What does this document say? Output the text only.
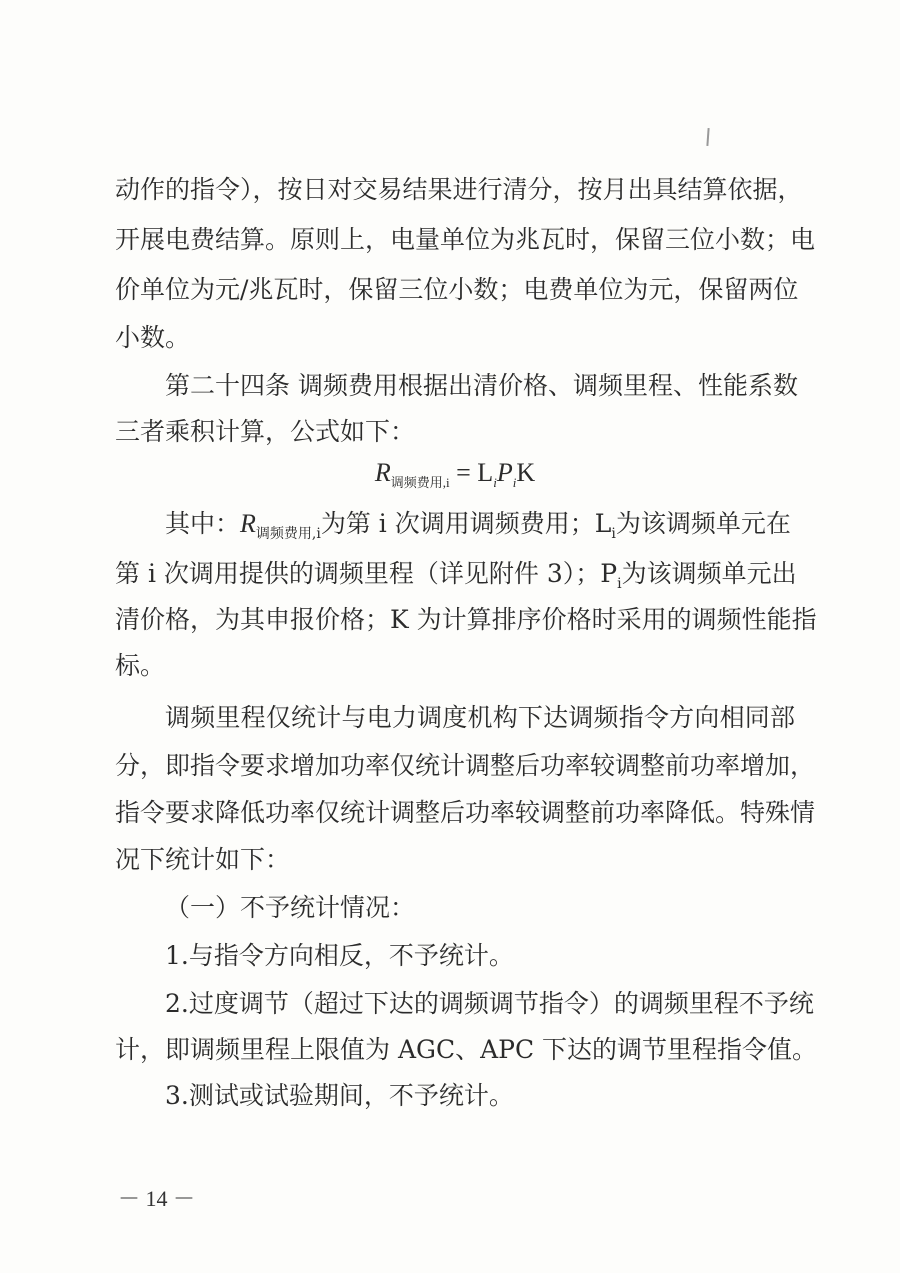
动作的指令），按日对交易结果进行清分，按月出具结算依据，
开展电费结算。原则上，电量单位为兆瓦时，保留三位小数；电
价单位为元/兆瓦时，保留三位小数；电费单位为元，保留两位
小数。
第二十四条 调频费用根据出清价格、调频里程、性能系数
三者乘积计算，公式如下：
$R_{调频费用,i} = L_iP_iK$
其中：$R_{调频费用,i}$为第 i 次调用调频费用；$L_i$为该调频单元在
第 i 次调用提供的调频里程（详见附件 3）；$P_i$为该调频单元出
清价格，为其申报价格；K 为计算排序价格时采用的调频性能指
标。
调频里程仅统计与电力调度机构下达调频指令方向相同部
分，即指令要求增加功率仅统计调整后功率较调整前功率增加，
指令要求降低功率仅统计调整后功率较调整前功率降低。特殊情
况下统计如下：
（一）不予统计情况：
1.与指令方向相反，不予统计。
2.过度调节（超过下达的调频调节指令）的调频里程不予统
计，即调频里程上限值为 AGC、APC 下达的调节里程指令值。
3.测试或试验期间，不予统计。
－ 14 －
